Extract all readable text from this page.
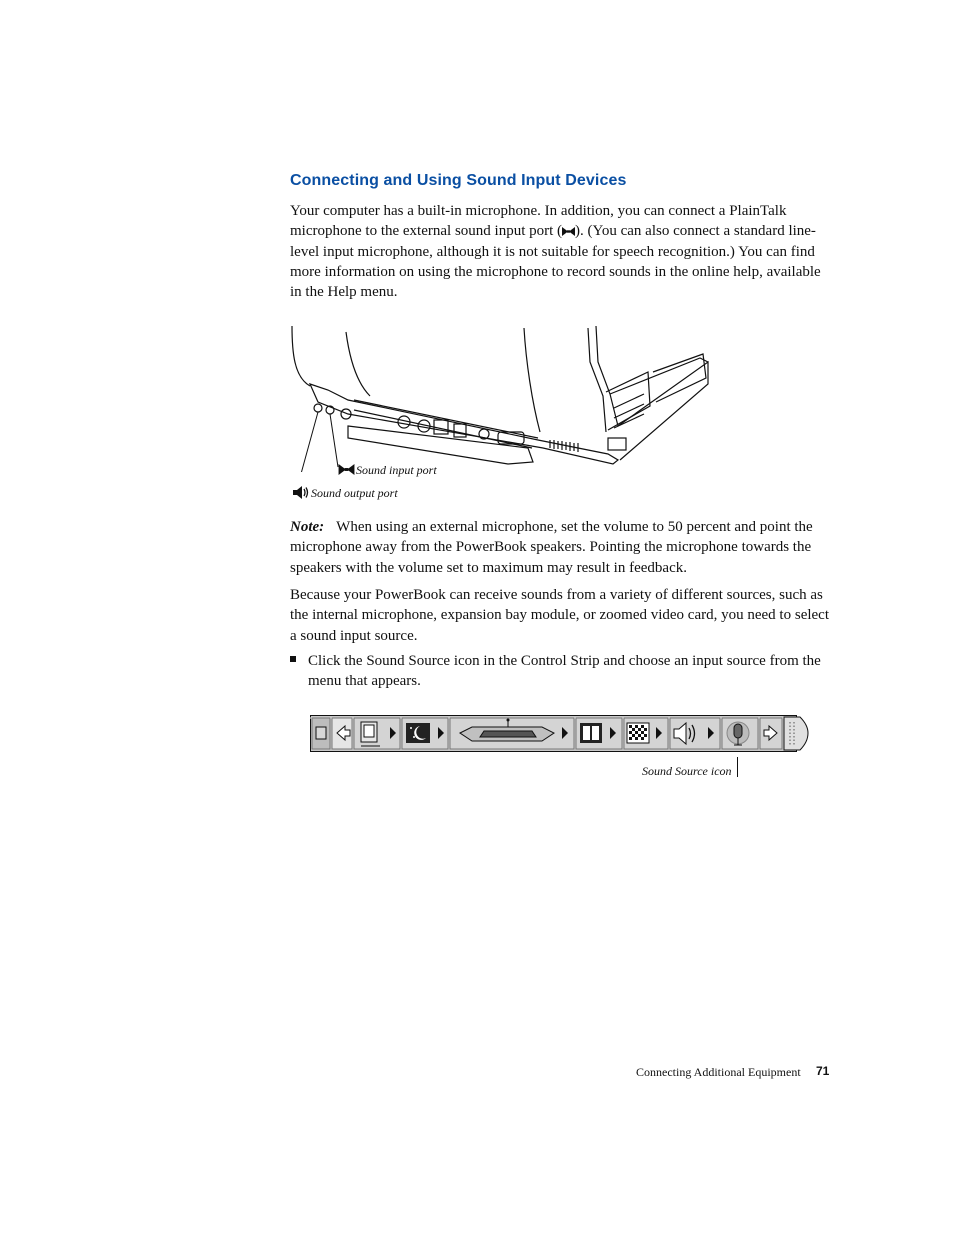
Connecting and Using Sound Input Devices

Your computer has a built-in microphone. In addition, you can connect a PlainTalk microphone to the external sound input port ( ). (You can also connect a standard line-level input microphone, although it is not suitable for speech recognition.) You can find more information on using the microphone to record sounds in the online help, available in the Help menu.

Sound input port
Sound output port

Note: When using an external microphone, set the volume to 50 percent and point the microphone away from the PowerBook speakers. Pointing the microphone towards the speakers with the volume set to maximum may result in feedback.

Because your PowerBook can receive sounds from a variety of different sources, such as the internal microphone, expansion bay module, or zoomed video card, you need to select a sound input source.

Click the Sound Source icon in the Control Strip and choose an input source from the menu that appears.

Sound Source icon
Connecting Additional Equipment 71
